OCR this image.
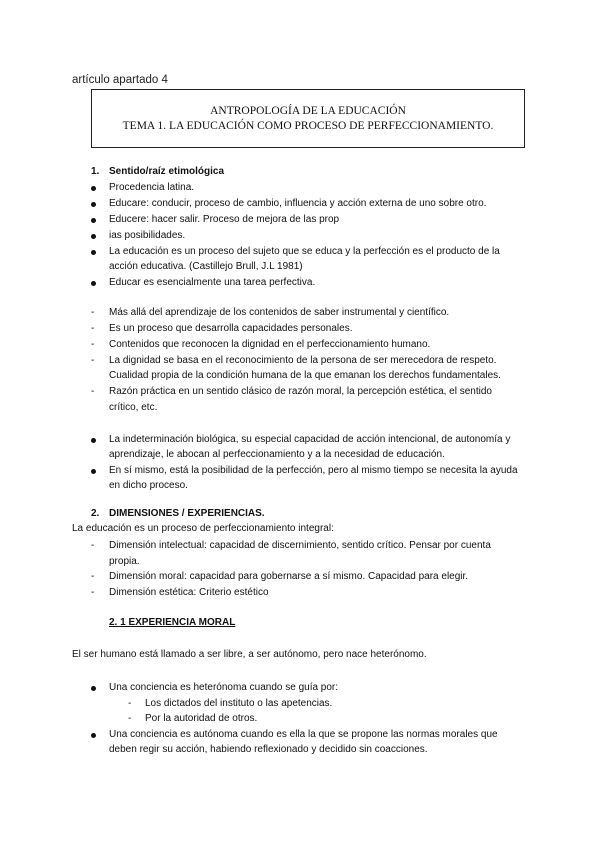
artículo apartado 4
ANTROPOLOGÍA DE LA EDUCACIÓN
TEMA 1. LA EDUCACIÓN COMO PROCESO DE PERFECCIONAMIENTO.
1. Sentido/raíz etimológica
Procedencia latina.
Educare: conducir, proceso de cambio, influencia y acción externa de uno sobre otro.
Educere: hacer salir. Proceso de mejora de las prop
ias posibilidades.
La educación es un proceso del sujeto que se educa y la perfección es el producto de la
acción educativa. (Castillejo Brull, J.L 1981)
Educar es esencialmente una tarea perfectiva.
- Más allá del aprendizaje de los contenidos de saber instrumental y científico.
- Es un proceso que desarrolla capacidades personales.
- Contenidos que reconocen la dignidad en el perfeccionamiento humano.
- La dignidad se basa en el reconocimiento de la persona de ser merecedora de respeto.
Cualidad propia de la condición humana de la que emanan los derechos fundamentales.
- Razón práctica en un sentido clásico de razón moral, la percepción estética, el sentido
crítico, etc.
La indeterminación biológica, su especial capacidad de acción intencional, de autonomía y
aprendizaje, le abocan al perfeccionamiento y a la necesidad de educación.
En sí mismo, está la posibilidad de la perfección, pero al mismo tiempo se necesita la ayuda
en dicho proceso.
2. DIMENSIONES / EXPERIENCIAS.
La educación es un proceso de perfeccionamiento integral:
- Dimensión intelectual: capacidad de discernimiento, sentido crítico. Pensar por cuenta
propia.
- Dimensión moral: capacidad para gobernarse a sí mismo. Capacidad para elegir.
- Dimensión estética: Criterio estético
2. 1 EXPERIENCIA MORAL
El ser humano está llamado a ser libre, a ser autónomo, pero nace heterónomo.
Una conciencia es heterónoma cuando se guía por:
- Los dictados del instituto o las apetencias.
- Por la autoridad de otros.
Una conciencia es autónoma cuando es ella la que se propone las normas morales que
deben regir su acción, habiendo reflexionado y decidido sin coacciones.
